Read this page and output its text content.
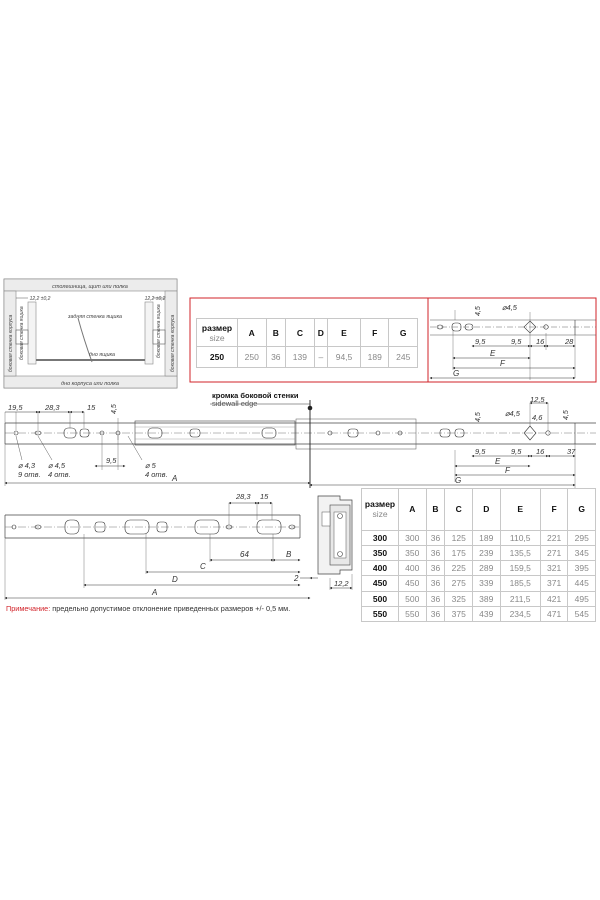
столешница, щит или полка
дно корпуса или полка
12,2 ±0,2	12,2 ±0,2
задняя стенка ящика
дно ящика
боковая стенка корпуса боковая стенка ящика	боковая стенка ящика боковая стенка корпуса
4,5	⌀4,5
9,5	9,5 16	28
E
F
G
19,5	28,3	15 4,5
⌀ 4,3
9 отв.
⌀ 4,5
4 отв.
9,5
⌀ 5
4 отв. A
12,5
⌀4,5 4,6
4,5	4,5
9,5	9,5 16	37
E
F
G
28,3 15
64	B
C
D
A
2
12,2
кромка боковой стенки
sidewall edge
размер
size	A	B	C	D	E	F	G
250	250	36	139	–	94,5	189	245
размер
size	A	B	C	D	E	F	G
300	300	36	125	189	110,5	221	295
350	350	36	175	239	135,5	271	345
400	400	36	225	289	159,5	321	395
450	450	36	275	339	185,5	371	445
500	500	36	325	389	211,5	421	495
550	550	36	375	439	234,5	471	545
Примечание: предельно допустимое отклонение приведенных размеров +/- 0,5 мм.
